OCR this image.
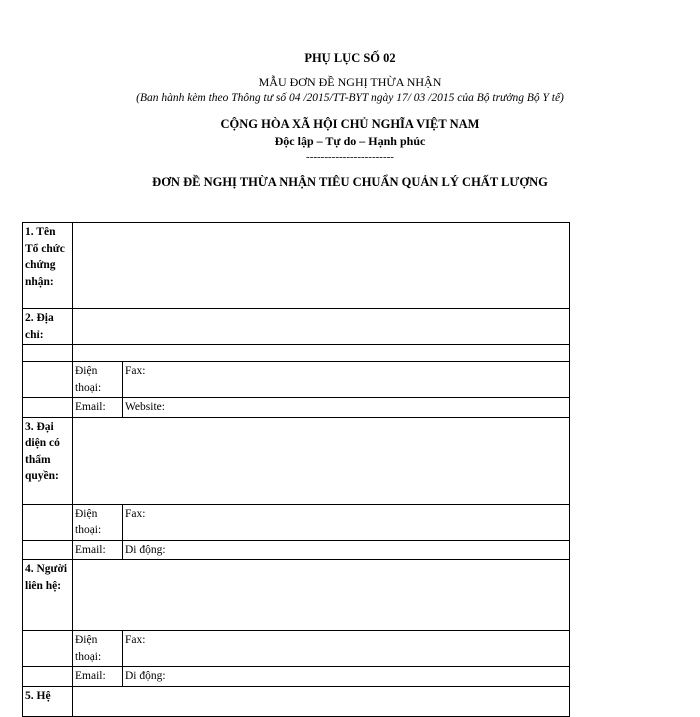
PHỤ LỤC SỐ 02
MẪU ĐƠN ĐỀ NGHỊ THỪA NHẬN
(Ban hành kèm theo Thông tư số 04 /2015/TT-BYT ngày 17/ 03 /2015 của Bộ trưởng Bộ Y tế)
CỘNG HÒA XÃ HỘI CHỦ NGHĨA VIỆT NAM
Độc lập – Tự do – Hạnh phúc
------------------------
ĐƠN ĐỀ NGHỊ THỪA NHẬN TIÊU CHUẨN QUẢN LÝ CHẤT LƯỢNG
1. Tên Tổ chức chứng nhận:		
2. Địa chỉ:		

	Điện thoại:	Fax:
	Email:	Website:
3. Đại diện có thẩm quyền:		
	Điện thoại:	Fax:
	Email:	Di động:
4. Người liên hệ:		
	Điện thoại:	Fax:
	Email:	Di động:
5. Hệ		
